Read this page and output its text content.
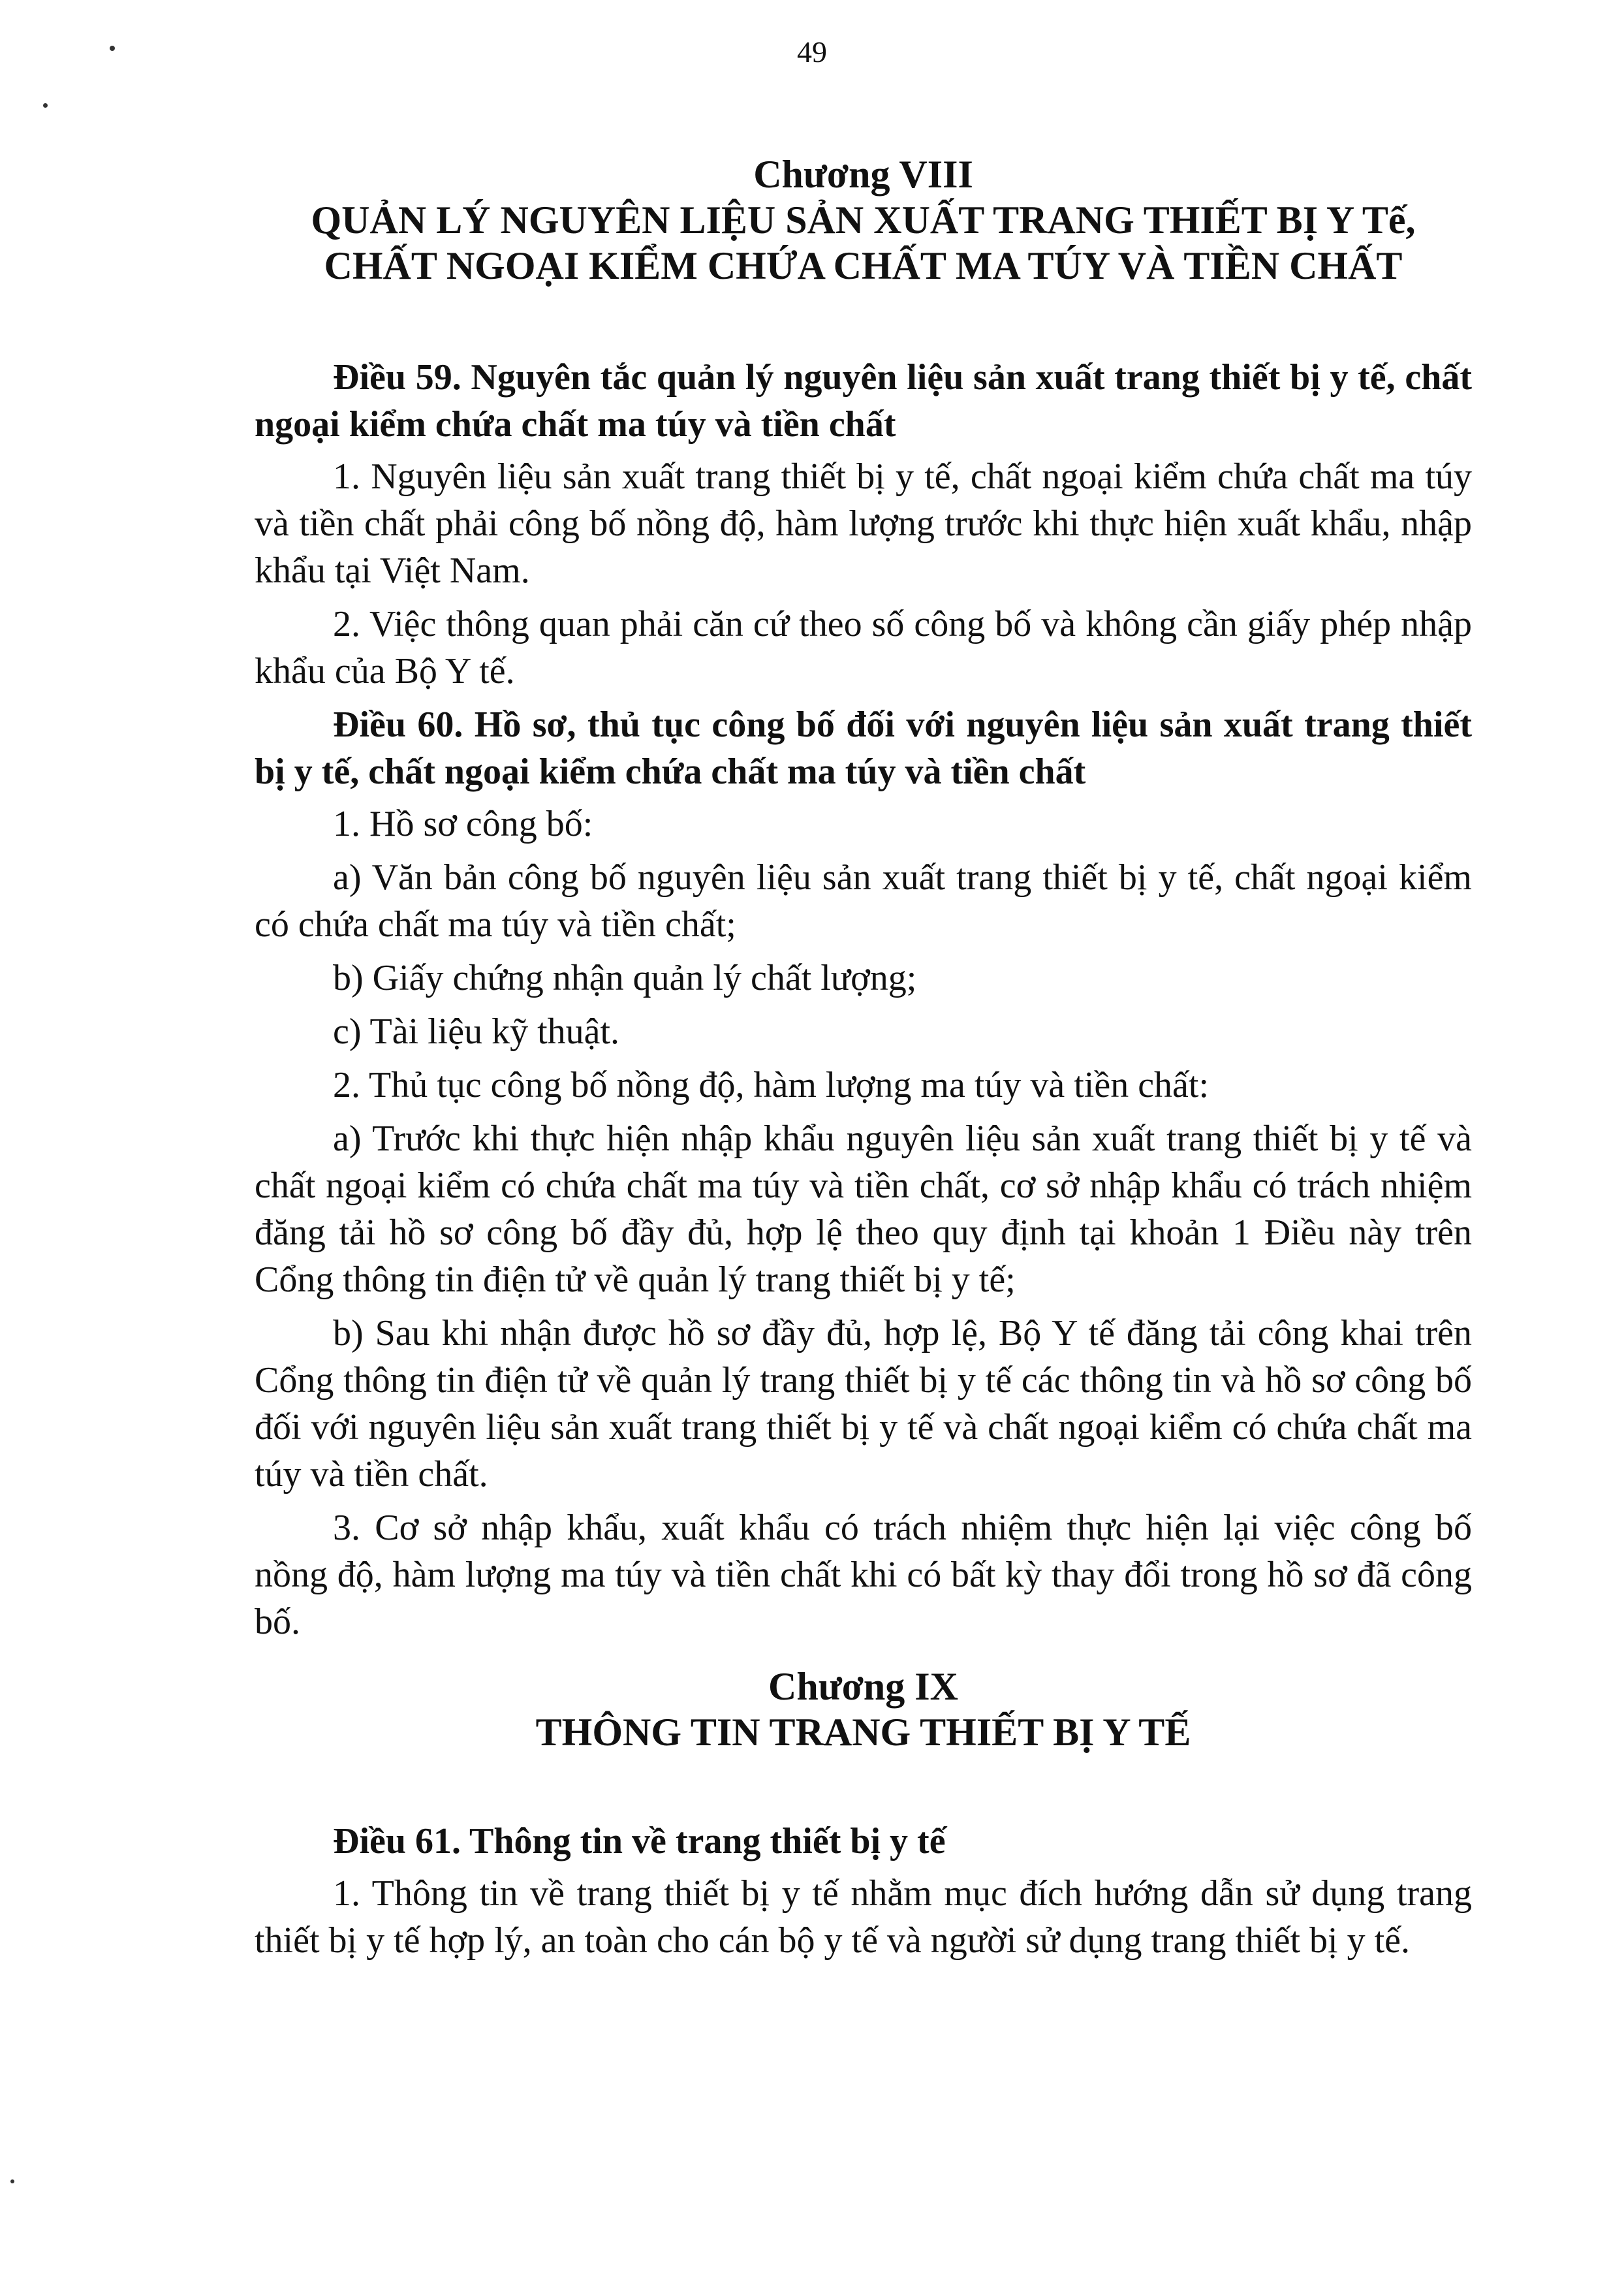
49
Chương VIII
QUẢN LÝ NGUYÊN LIỆU SẢN XUẤT TRANG THIẾT BỊ Y Tế,
CHẤT NGOẠI KIỂM CHỨA CHẤT MA TÚY VÀ TIỀN CHẤT

Điều 59. Nguyên tắc quản lý nguyên liệu sản xuất trang thiết bị y tế, chất ngoại kiểm chứa chất ma túy và tiền chất

1. Nguyên liệu sản xuất trang thiết bị y tế, chất ngoại kiểm chứa chất ma túy và tiền chất phải công bố nồng độ, hàm lượng trước khi thực hiện xuất khẩu, nhập khẩu tại Việt Nam.

2. Việc thông quan phải căn cứ theo số công bố và không cần giấy phép nhập khẩu của Bộ Y tế.

Điều 60. Hồ sơ, thủ tục công bố đối với nguyên liệu sản xuất trang thiết bị y tế, chất ngoại kiểm chứa chất ma túy và tiền chất

1. Hồ sơ công bố:

a) Văn bản công bố nguyên liệu sản xuất trang thiết bị y tế, chất ngoại kiểm có chứa chất ma túy và tiền chất;

b) Giấy chứng nhận quản lý chất lượng;

c) Tài liệu kỹ thuật.

2. Thủ tục công bố nồng độ, hàm lượng ma túy và tiền chất:

a) Trước khi thực hiện nhập khẩu nguyên liệu sản xuất trang thiết bị y tế và chất ngoại kiểm có chứa chất ma túy và tiền chất, cơ sở nhập khẩu có trách nhiệm đăng tải hồ sơ công bố đầy đủ, hợp lệ theo quy định tại khoản 1 Điều này trên Cổng thông tin điện tử về quản lý trang thiết bị y tế;

b) Sau khi nhận được hồ sơ đầy đủ, hợp lệ, Bộ Y tế đăng tải công khai trên Cổng thông tin điện tử về quản lý trang thiết bị y tế các thông tin và hồ sơ công bố đối với nguyên liệu sản xuất trang thiết bị y tế và chất ngoại kiểm có chứa chất ma túy và tiền chất.

3. Cơ sở nhập khẩu, xuất khẩu có trách nhiệm thực hiện lại việc công bố nồng độ, hàm lượng ma túy và tiền chất khi có bất kỳ thay đổi trong hồ sơ đã công bố.

Chương IX
THÔNG TIN TRANG THIẾT BỊ Y TẾ

Điều 61. Thông tin về trang thiết bị y tế

1. Thông tin về trang thiết bị y tế nhằm mục đích hướng dẫn sử dụng trang thiết bị y tế hợp lý, an toàn cho cán bộ y tế và người sử dụng trang thiết bị y tế.
